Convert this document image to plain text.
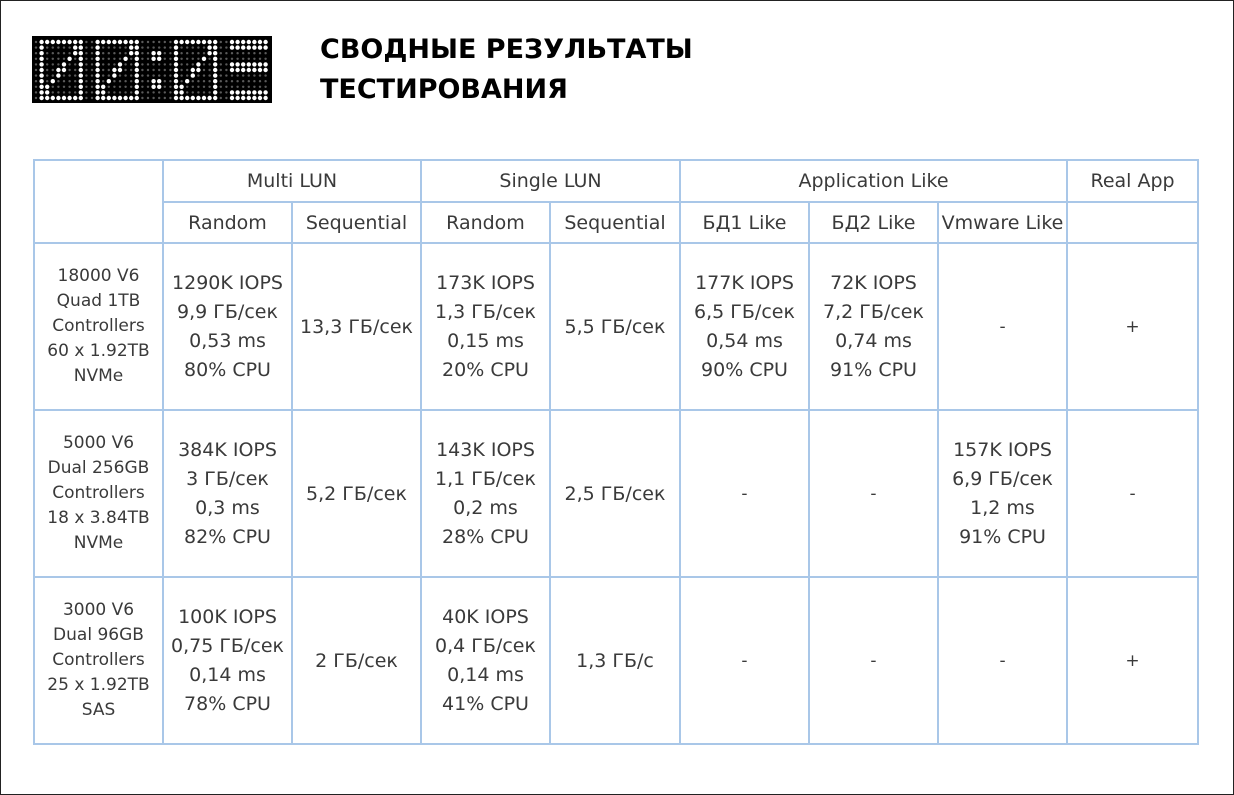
СВОДНЫЕ РЕЗУЛЬТАТЫ
ТЕСТИРОВАНИЯ
	Multi LUN		Single LUN		Application Like			Real App
	Random	Sequential	Random	Sequential	БД1 Like	БД2 Like	Vmware Like	

18000 V6
Quad 1TB
Controllers
60 x 1.92TB
NVMe	1290K IOPS
9,9 ГБ/сек
0,53 ms
80% CPU	13,3 ГБ/сек	173K IOPS
1,3 ГБ/сек
0,15 ms
20% CPU	5,5 ГБ/сек	177K IOPS
6,5 ГБ/сек
0,54 ms
90% CPU	72K IOPS
7,2 ГБ/сек
0,74 ms
91% CPU	-	+

5000 V6
Dual 256GB
Controllers
18 x 3.84TB
NVMe	384K IOPS
3 ГБ/сек
0,3 ms
82% CPU	5,2 ГБ/сек	143K IOPS
1,1 ГБ/сек
0,2 ms
28% CPU	2,5 ГБ/сек	-	-	157K IOPS
6,9 ГБ/сек
1,2 ms
91% CPU	-

3000 V6
Dual 96GB
Controllers
25 x 1.92TB
SAS	100K IOPS
0,75 ГБ/сек
0,14 ms
78% CPU	2 ГБ/сек	40K IOPS
0,4 ГБ/сек
0,14 ms
41% CPU	1,3 ГБ/с	-	-	-	+
